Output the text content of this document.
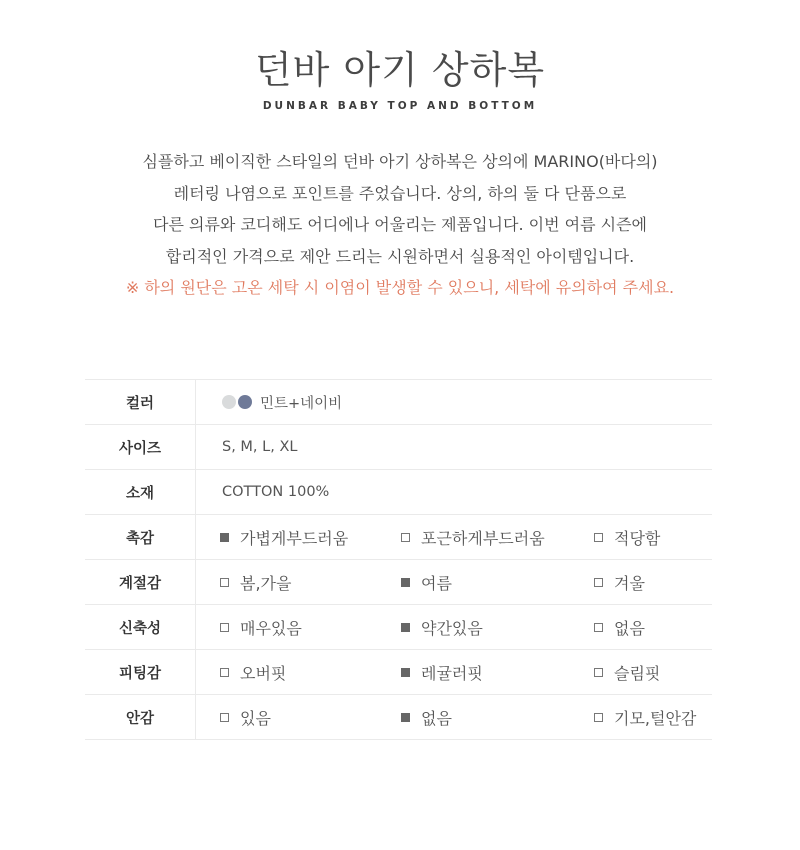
던바 아기 상하복
DUNBAR BABY TOP AND BOTTOM
심플하고 베이직한 스타일의 던바 아기 상하복은 상의에 MARINO(바다의)
레터링 나염으로 포인트를 주었습니다. 상의, 하의 둘 다 단품으로
다른 의류와 코디해도 어디에나 어울리는 제품입니다. 이번 여름 시즌에
합리적인 가격으로 제안 드리는 시원하면서 실용적인 아이템입니다.
※ 하의 원단은 고온 세탁 시 이염이 발생할 수 있으니, 세탁에 유의하여 주세요.
컬러	민트+네이비
사이즈	S, M, L, XL
소재	COTTON 100%
촉감	가볍게부드러움	포근하게부드러움	적당함
계절감	봄,가을	여름	겨울
신축성	매우있음	약간있음	없음
피팅감	오버핏	레귤러핏	슬림핏
안감	있음	없음	기모,털안감
